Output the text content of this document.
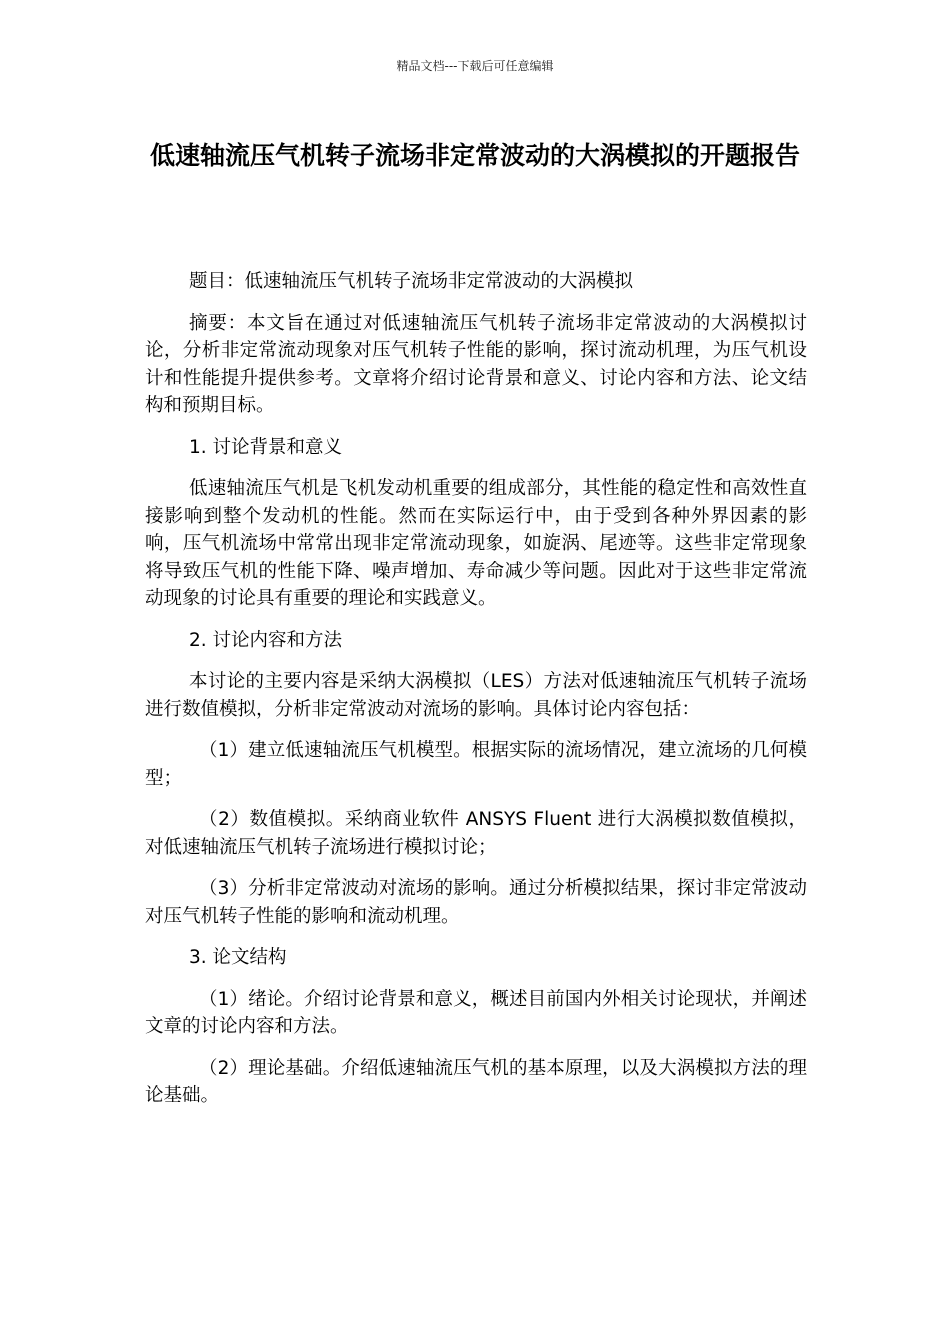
精品文档---下载后可任意编辑
低速轴流压气机转子流场非定常波动的大涡模拟的开题报告

题目：低速轴流压气机转子流场非定常波动的大涡模拟

摘要：本文旨在通过对低速轴流压气机转子流场非定常波动的大涡模拟讨论，分析非定常流动现象对压气机转子性能的影响，探讨流动机理，为压气机设计和性能提升提供参考。文章将介绍讨论背景和意义、讨论内容和方法、论文结构和预期目标。

1. 讨论背景和意义

低速轴流压气机是飞机发动机重要的组成部分，其性能的稳定性和高效性直接影响到整个发动机的性能。然而在实际运行中，由于受到各种外界因素的影响，压气机流场中常常出现非定常流动现象，如旋涡、尾迹等。这些非定常现象将导致压气机的性能下降、噪声增加、寿命减少等问题。因此对于这些非定常流动现象的讨论具有重要的理论和实践意义。

2. 讨论内容和方法

本讨论的主要内容是采纳大涡模拟（LES）方法对低速轴流压气机转子流场进行数值模拟，分析非定常波动对流场的影响。具体讨论内容包括：

（1）建立低速轴流压气机模型。根据实际的流场情况，建立流场的几何模型；

（2）数值模拟。采纳商业软件 ANSYS Fluent 进行大涡模拟数值模拟，对低速轴流压气机转子流场进行模拟讨论；

（3）分析非定常波动对流场的影响。通过分析模拟结果，探讨非定常波动对压气机转子性能的影响和流动机理。

3. 论文结构

（1）绪论。介绍讨论背景和意义，概述目前国内外相关讨论现状，并阐述文章的讨论内容和方法。

（2）理论基础。介绍低速轴流压气机的基本原理，以及大涡模拟方法的理论基础。
